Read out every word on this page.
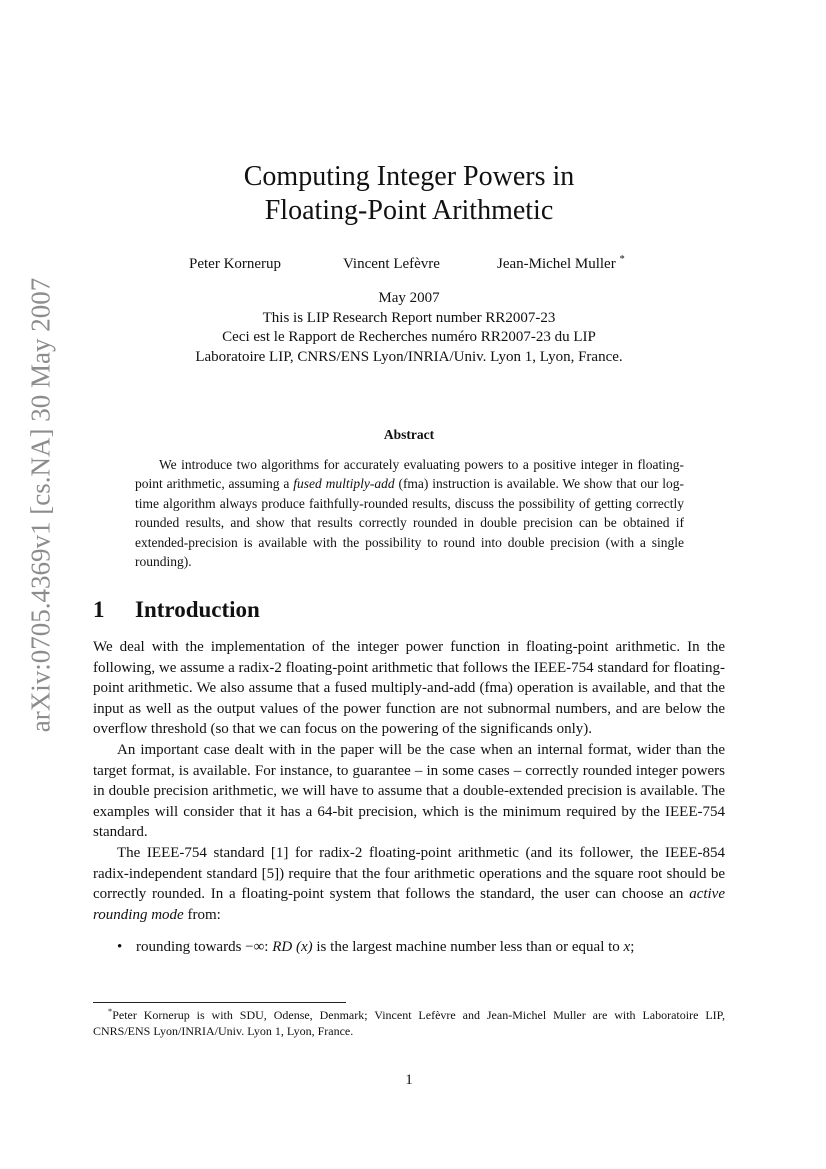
arXiv:0705.4369v1 [cs.NA] 30 May 2007
Computing Integer Powers in
Floating-Point Arithmetic
Peter Kornerup	Vincent Lefèvre	Jean-Michel Muller *
May 2007
This is LIP Research Report number RR2007-23
Ceci est le Rapport de Recherches numéro RR2007-23 du LIP
Laboratoire LIP, CNRS/ENS Lyon/INRIA/Univ. Lyon 1, Lyon, France.
Abstract

We introduce two algorithms for accurately evaluating powers to a positive integer in floating-point arithmetic, assuming a fused multiply-add (fma) instruction is available. We show that our log-time algorithm always produce faithfully-rounded results, discuss the possibility of getting correctly rounded results, and show that results correctly rounded in double precision can be obtained if extended-precision is available with the possibility to round into double precision (with a single rounding).

1 Introduction

We deal with the implementation of the integer power function in floating-point arithmetic. In the following, we assume a radix-2 floating-point arithmetic that follows the IEEE-754 standard for floating-point arithmetic. We also assume that a fused multiply-and-add (fma) operation is available, and that the input as well as the output values of the power function are not subnormal numbers, and are below the overflow threshold (so that we can focus on the powering of the significands only).

An important case dealt with in the paper will be the case when an internal format, wider than the target format, is available. For instance, to guarantee – in some cases – correctly rounded integer powers in double precision arithmetic, we will have to assume that a double-extended precision is available. The examples will consider that it has a 64-bit precision, which is the minimum required by the IEEE-754 standard.

The IEEE-754 standard [1] for radix-2 floating-point arithmetic (and its follower, the IEEE-854 radix-independent standard [5]) require that the four arithmetic operations and the square root should be correctly rounded. In a floating-point system that follows the standard, the user can choose an active rounding mode from:

• rounding towards −∞: RD (x) is the largest machine number less than or equal to x;
*Peter Kornerup is with SDU, Odense, Denmark; Vincent Lefèvre and Jean-Michel Muller are with Laboratoire LIP, CNRS/ENS Lyon/INRIA/Univ. Lyon 1, Lyon, France.
1
